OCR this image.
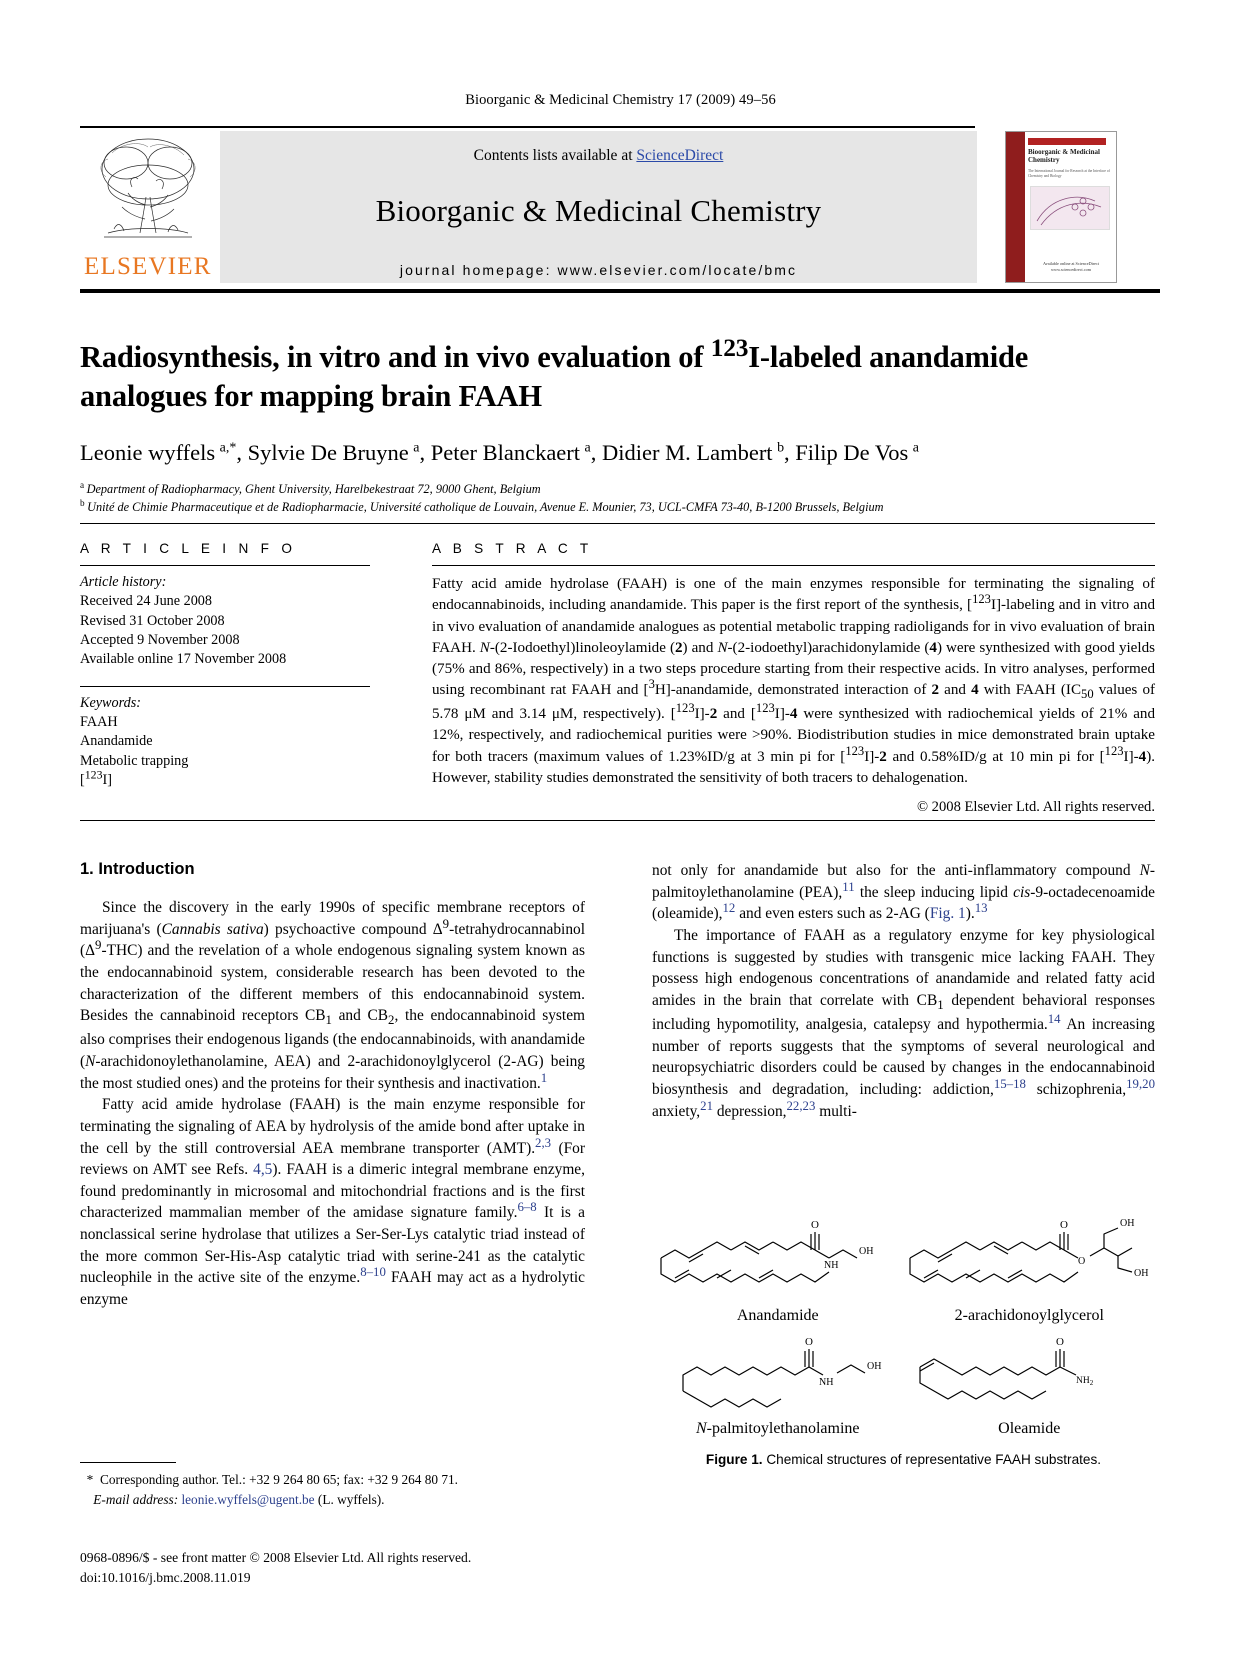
Bioorganic & Medicinal Chemistry 17 (2009) 49–56
ELSEVIER
Contents lists available at ScienceDirect
Bioorganic & Medicinal Chemistry
journal homepage: www.elsevier.com/locate/bmc
Bioorganic & Medicinal Chemistry
The International Journal for Research at the Interface of Chemistry and Biology
Available online at ScienceDirect www.sciencedirect.com
Radiosynthesis, in vitro and in vivo evaluation of $^{123}$I-labeled anandamide analogues for mapping brain FAAH
Leonie wyffels $^{a,*}$, Sylvie De Bruyne $^a$, Peter Blanckaert $^a$, Didier M. Lambert $^b$, Filip De Vos $^a$
$^a$  Department of Radiopharmacy, Ghent University, Harelbekestraat 72, 9000 Ghent, Belgium
$^b$  Unité de Chimie Pharmaceutique et de Radiopharmacie, Université catholique de Louvain, Avenue E. Mounier, 73, UCL-CMFA 73-40, B-1200 Brussels, Belgium
A R T I C L E I N F O
Article history:
Received 24 June 2008
Revised 31 October 2008
Accepted 9 November 2008
Available online 17 November 2008
Keywords:
FAAH
Anandamide
Metabolic trapping
[$^{123}$I]
A B S T R A C T
Fatty acid amide hydrolase (FAAH) is one of the main enzymes responsible for terminating the signaling of endocannabinoids, including anandamide. This paper is the first report of the synthesis, [$^{123}$I]-labeling and in vitro and in vivo evaluation of anandamide analogues as potential metabolic trapping radioligands for in vivo evaluation of brain FAAH. N-(2-Iodoethyl)linoleoylamide (2) and N-(2-iodoethyl)arachidonylamide (4) were synthesized with good yields (75% and 86%, respectively) in a two steps procedure starting from their respective acids. In vitro analyses, performed using recombinant rat FAAH and [$^3$H]-anandamide, demonstrated interaction of 2 and 4 with FAAH ($IC_{50}$ values of 5.78 μM and 3.14 μM, respectively). [$^{123}$I]-2 and [$^{123}$I]-4 were synthesized with radiochemical yields of 21% and 12%, respectively, and radiochemical purities were >90%. Biodistribution studies in mice demonstrated brain uptake for both tracers (maximum values of 1.23%ID/g at 3 min pi for [$^{123}$I]-2 and 0.58%ID/g at 10 min pi for [$^{123}$I]-4). However, stability studies demonstrated the sensitivity of both tracers to dehalogenation.
© 2008 Elsevier Ltd. All rights reserved.
1. Introduction

Since the discovery in the early 1990s of specific membrane receptors of marijuana's (Cannabis sativa) psychoactive compound $\Delta^9$-tetrahydrocannabinol $(\Delta^9-THC)$ and the revelation of a whole endogenous signaling system known as the endocannabinoid system, considerable research has been devoted to the characterization of the different members of this endocannabinoid system. Besides the cannabinoid receptors $CB_1$ and $CB_2$, the endocannabinoid system also comprises their endogenous ligands (the endocannabinoids, with anandamide (N-arachidonoylethanolamine, AEA) and 2-arachidonoylglycerol (2-AG) being the most studied ones) and the proteins for their synthesis and inactivation.$^1$

Fatty acid amide hydrolase (FAAH) is the main enzyme responsible for terminating the signaling of AEA by hydrolysis of the amide bond after uptake in the cell by the still controversial AEA membrane transporter (AMT).$^{2,3}$ (For reviews on AMT see Refs. 4,5). FAAH is a dimeric integral membrane enzyme, found predominantly in microsomal and mitochondrial fractions and is the first characterized mammalian member of the amidase signature family.$^{6-8}$ It is a nonclassical serine hydrolase that utilizes a Ser-Ser-Lys catalytic triad instead of the more common Ser-His-Asp catalytic triad with serine-241 as the catalytic nucleophile in the active site of the enzyme.$^{8-10}$ FAAH may act as a hydrolytic enzyme

not only for anandamide but also for the anti-inflammatory compound N-palmitoylethanolamine (PEA),$^{11}$ the sleep inducing lipid cis-9-octadecenoamide (oleamide),$^{12}$ and even esters such as 2-AG (Fig. 1).$^{13}$

The importance of FAAH as a regulatory enzyme for key physiological functions is suggested by studies with transgenic mice lacking FAAH. They possess high endogenous concentrations of anandamide and related fatty acid amides in the brain that correlate with $CB_1$ dependent behavioral responses including hypomotility, analgesia, catalepsy and hypothermia.$^{14}$ An increasing number of reports suggests that the symptoms of several neurological and neuropsychiatric disorders could be caused by changes in the endocannabinoid biosynthesis and degradation, including: addiction,$^{15-18}$ schizophrenia,$^{19,20}$ anxiety,$^{21}$ depression,$^{22,23}$ multi-

O
NH
OH
Anandamide
O
O
OH
OH
2-arachidonoylglycerol
O
NH
OH
N-palmitoylethanolamine
O
$NH_2$
Oleamide
Figure 1. Chemical structures of representative FAAH substrates.
* Corresponding author. Tel.: +32 9 264 80 65; fax: +32 9 264 80 71.
E-mail address: leonie.wyffels@ugent.be (L. wyffels).
0968-0896/$ - see front matter © 2008 Elsevier Ltd. All rights reserved.
doi:10.1016/j.bmc.2008.11.019
